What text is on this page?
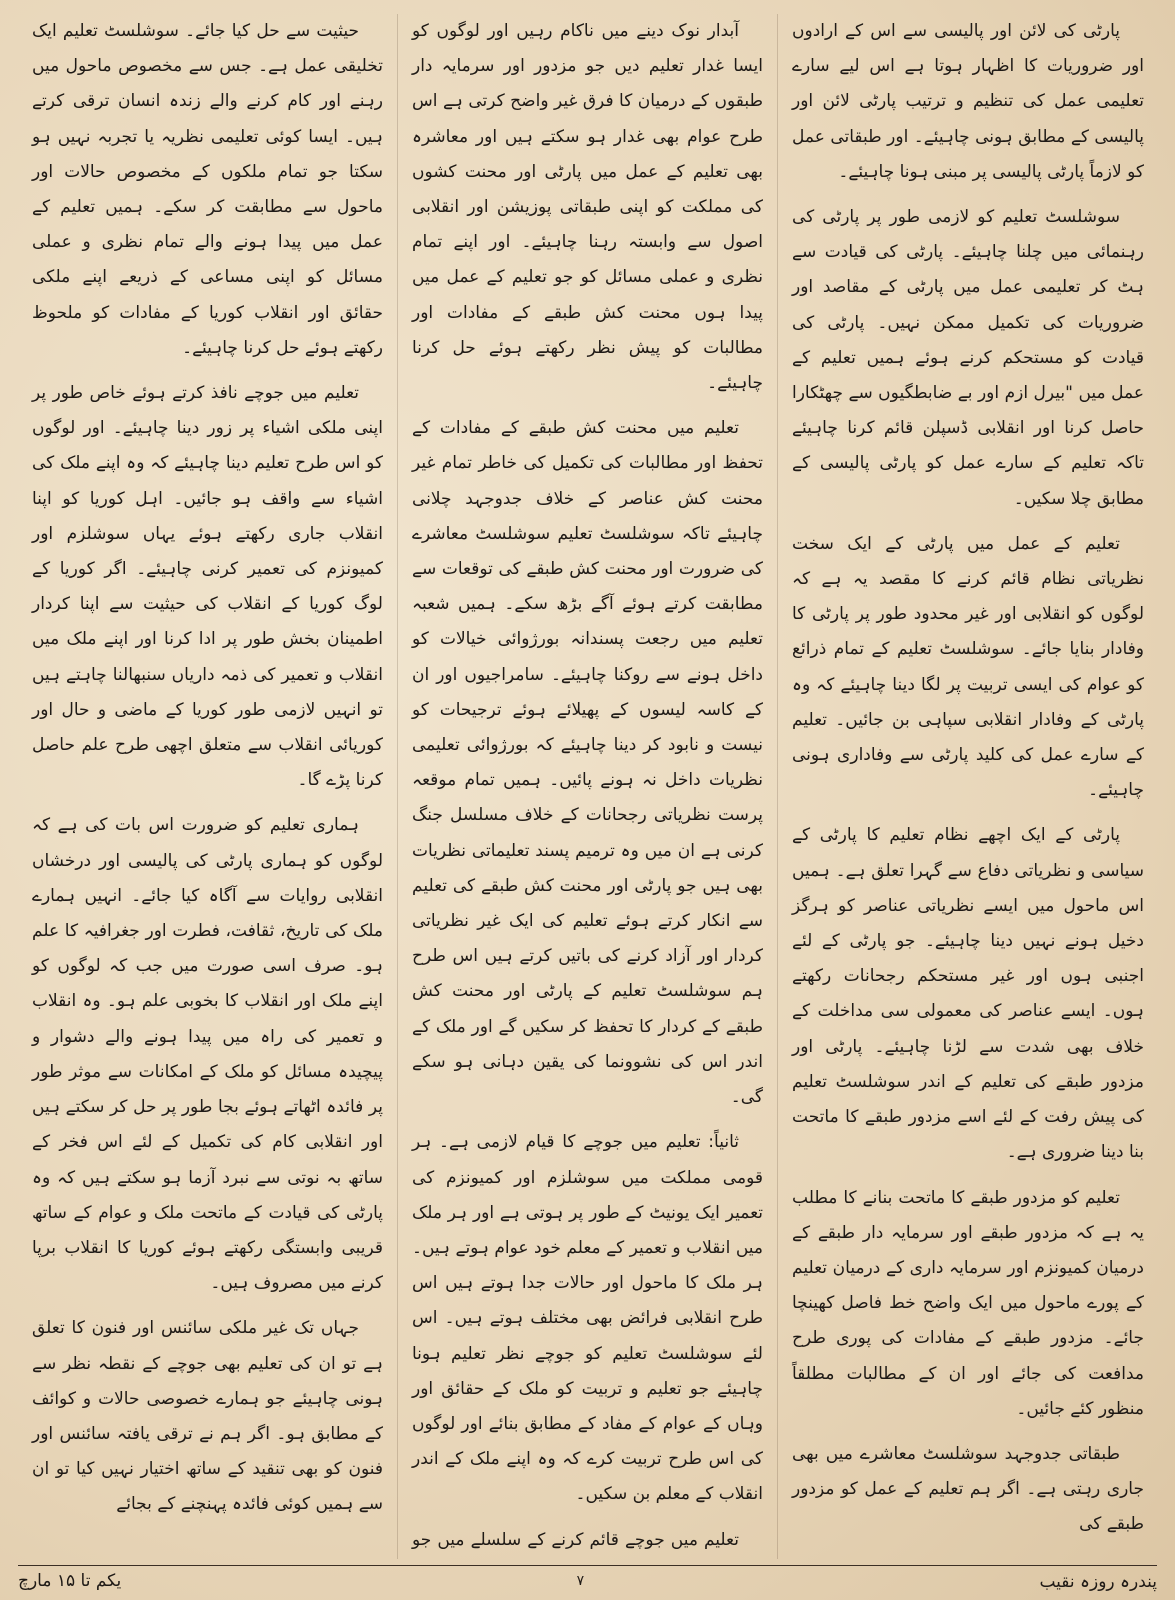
پارٹی کی لائن اور پالیسی سے اس کے ارادوں اور ضروریات کا اظہار ہوتا ہے اس لیے سارے تعلیمی عمل کی تنظیم و ترتیب پارٹی لائن اور پالیسی کے مطابق ہونی چاہیئے۔ اور طبقاتی عمل کو لازماً پارٹی پالیسی پر مبنی ہونا چاہیئے۔

سوشلسٹ تعلیم کو لازمی طور پر پارٹی کی رہنمائی میں چلنا چاہیئے۔ پارٹی کی قیادت سے ہٹ کر تعلیمی عمل میں پارٹی کے مقاصد اور ضروریات کی تکمیل ممکن نہیں۔ پارٹی کی قیادت کو مستحکم کرنے ہوئے ہمیں تعلیم کے عمل میں "بیرل ازم اور بے ضابطگیوں سے چھٹکارا حاصل کرنا اور انقلابی ڈسپلن قائم کرنا چاہیئے تاکہ تعلیم کے سارے عمل کو پارٹی پالیسی کے مطابق چلا سکیں۔

تعلیم کے عمل میں پارٹی کے ایک سخت نظریاتی نظام قائم کرنے کا مقصد یہ ہے کہ لوگوں کو انقلابی اور غیر محدود طور پر پارٹی کا وفادار بنایا جائے۔ سوشلسٹ تعلیم کے تمام ذرائع کو عوام کی ایسی تربیت پر لگا دینا چاہیئے کہ وہ پارٹی کے وفادار انقلابی سپاہی بن جائیں۔ تعلیم کے سارے عمل کی کلید پارٹی سے وفاداری ہونی چاہیئے۔

پارٹی کے ایک اچھے نظام تعلیم کا پارٹی کے سیاسی و نظریاتی دفاع سے گہرا تعلق ہے۔ ہمیں اس ماحول میں ایسے نظریاتی عناصر کو ہرگز دخیل ہونے نہیں دینا چاہیئے۔ جو پارٹی کے لئے اجنبی ہوں اور غیر مستحکم رجحانات رکھتے ہوں۔ ایسے عناصر کی معمولی سی مداخلت کے خلاف بھی شدت سے لڑنا چاہیئے۔ پارٹی اور مزدور طبقے کی تعلیم کے اندر سوشلسٹ تعلیم کی پیش رفت کے لئے اسے مزدور طبقے کا ماتحت بنا دینا ضروری ہے۔

تعلیم کو مزدور طبقے کا ماتحت بنانے کا مطلب یہ ہے کہ مزدور طبقے اور سرمایہ دار طبقے کے درمیان کمیونزم اور سرمایہ داری کے درمیان تعلیم کے پورے ماحول میں ایک واضح خط فاصل کھینچا جائے۔ مزدور طبقے کے مفادات کی پوری طرح مدافعت کی جائے اور ان کے مطالبات مطلقاً منظور کئے جائیں۔

طبقاتی جدوجہد سوشلسٹ معاشرے میں بھی جاری رہتی ہے۔ اگر ہم تعلیم کے عمل کو مزدور طبقے کی

آبدار نوک دینے میں ناکام رہیں اور لوگوں کو ایسا غدار تعلیم دیں جو مزدور اور سرمایہ دار طبقوں کے درمیان کا فرق غیر واضح کرتی ہے اس طرح عوام بھی غدار ہو سکتے ہیں اور معاشرہ بھی تعلیم کے عمل میں پارٹی اور محنت کشوں کی مملکت کو اپنی طبقاتی پوزیشن اور انقلابی اصول سے وابستہ رہنا چاہیئے۔ اور اپنے تمام نظری و عملی مسائل کو جو تعلیم کے عمل میں پیدا ہوں محنت کش طبقے کے مفادات اور مطالبات کو پیش نظر رکھتے ہوئے حل کرنا چاہیئے۔

تعلیم میں محنت کش طبقے کے مفادات کے تحفظ اور مطالبات کی تکمیل کی خاطر تمام غیر محنت کش عناصر کے خلاف جدوجہد چلانی چاہیئے تاکہ سوشلسٹ تعلیم سوشلسٹ معاشرے کی ضرورت اور محنت کش طبقے کی توقعات سے مطابقت کرتے ہوئے آگے بڑھ سکے۔ ہمیں شعبہ تعلیم میں رجعت پسندانہ بورژوائی خیالات کو داخل ہونے سے روکنا چاہیئے۔ سامراجیوں اور ان کے کاسہ لیسوں کے پھیلائے ہوئے ترجیحات کو نیست و نابود کر دینا چاہیئے کہ بورژوائی تعلیمی نظریات داخل نہ ہونے پائیں۔ ہمیں تمام موقعہ پرست نظریاتی رجحانات کے خلاف مسلسل جنگ کرنی ہے ان میں وہ ترمیم پسند تعلیماتی نظریات بھی ہیں جو پارٹی اور محنت کش طبقے کی تعلیم سے انکار کرتے ہوئے تعلیم کی ایک غیر نظریاتی کردار اور آزاد کرنے کی باتیں کرتے ہیں اس طرح ہم سوشلسٹ تعلیم کے پارٹی اور محنت کش طبقے کے کردار کا تحفظ کر سکیں گے اور ملک کے اندر اس کی نشوونما کی یقین دہانی ہو سکے گی۔

ثانیاً: تعلیم میں جوچے کا قیام لازمی ہے۔ ہر قومی مملکت میں سوشلزم اور کمیونزم کی تعمیر ایک یونیٹ کے طور پر ہوتی ہے اور ہر ملک میں انقلاب و تعمیر کے معلم خود عوام ہوتے ہیں۔ ہر ملک کا ماحول اور حالات جدا ہوتے ہیں اس طرح انقلابی فرائض بھی مختلف ہوتے ہیں۔ اس لئے سوشلسٹ تعلیم کو جوچے نظر تعلیم ہونا چاہیئے جو تعلیم و تربیت کو ملک کے حقائق اور وہاں کے عوام کے مفاد کے مطابق بنائے اور لوگوں کی اس طرح تربیت کرے کہ وہ اپنے ملک کے اندر انقلاب کے معلم بن سکیں۔

تعلیم میں جوچے قائم کرنے کے سلسلے میں جو

حیثیت سے حل کیا جائے۔ سوشلسٹ تعلیم ایک تخلیقی عمل ہے۔ جس سے مخصوص ماحول میں رہنے اور کام کرنے والے زندہ انسان ترقی کرتے ہیں۔ ایسا کوئی تعلیمی نظریہ یا تجربہ نہیں ہو سکتا جو تمام ملکوں کے مخصوص حالات اور ماحول سے مطابقت کر سکے۔ ہمیں تعلیم کے عمل میں پیدا ہونے والے تمام نظری و عملی مسائل کو اپنی مساعی کے ذریعے اپنے ملکی حقائق اور انقلاب کوریا کے مفادات کو ملحوظ رکھتے ہوئے حل کرنا چاہیئے۔

تعلیم میں جوچے نافذ کرتے ہوئے خاص طور پر اپنی ملکی اشیاء پر زور دینا چاہیئے۔ اور لوگوں کو اس طرح تعلیم دینا چاہیئے کہ وہ اپنے ملک کی اشیاء سے واقف ہو جائیں۔ اہل کوریا کو اپنا انقلاب جاری رکھتے ہوئے یہاں سوشلزم اور کمیونزم کی تعمیر کرنی چاہیئے۔ اگر کوریا کے لوگ کوریا کے انقلاب کی حیثیت سے اپنا کردار اطمینان بخش طور پر ادا کرنا اور اپنے ملک میں انقلاب و تعمیر کی ذمہ داریاں سنبھالنا چاہتے ہیں تو انہیں لازمی طور کوریا کے ماضی و حال اور کوریائی انقلاب سے متعلق اچھی طرح علم حاصل کرنا پڑے گا۔

ہماری تعلیم کو ضرورت اس بات کی ہے کہ لوگوں کو ہماری پارٹی کی پالیسی اور درخشاں انقلابی روایات سے آگاہ کیا جائے۔ انہیں ہمارے ملک کی تاریخ، ثقافت، فطرت اور جغرافیہ کا علم ہو۔ صرف اسی صورت میں جب کہ لوگوں کو اپنے ملک اور انقلاب کا بخوبی علم ہو۔ وہ انقلاب و تعمیر کی راہ میں پیدا ہونے والے دشوار و پیچیدہ مسائل کو ملک کے امکانات سے موثر طور پر فائدہ اٹھاتے ہوئے بجا طور پر حل کر سکتے ہیں اور انقلابی کام کی تکمیل کے لئے اس فخر کے ساتھ بہ نوتی سے نبرد آزما ہو سکتے ہیں کہ وہ پارٹی کی قیادت کے ماتحت ملک و عوام کے ساتھ قریبی وابستگی رکھتے ہوئے کوریا کا انقلاب برپا کرنے میں مصروف ہیں۔

جہاں تک غیر ملکی سائنس اور فنون کا تعلق ہے تو ان کی تعلیم بھی جوچے کے نقطہ نظر سے ہونی چاہیئے جو ہمارے خصوصی حالات و کوائف کے مطابق ہو۔ اگر ہم نے ترقی یافتہ سائنس اور فنون کو بھی تنقید کے ساتھ اختیار نہیں کیا تو ان سے ہمیں کوئی فائدہ پہنچنے کے بجائے

پندرہ روزہ نقیب
۷
یکم تا ۱۵ مارچ
